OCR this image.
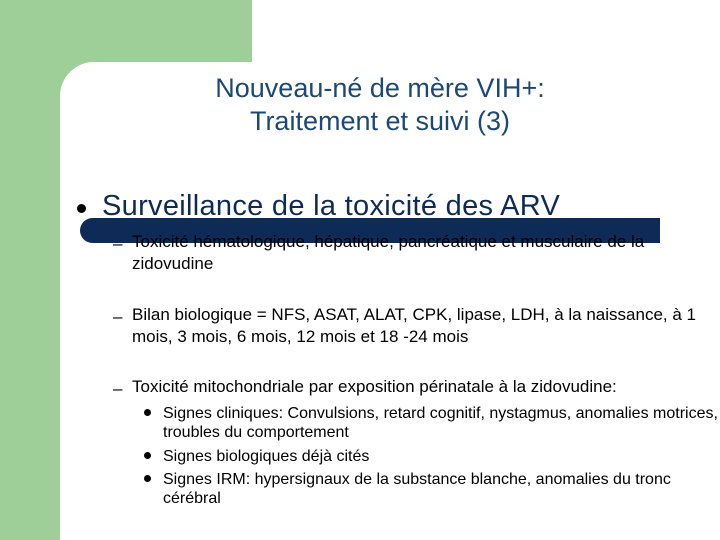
Nouveau-né de mère VIH+:
Traitement et suivi (3)
Surveillance de la toxicité des ARV
– Toxicité hématologique, hépatique, pancréatique et musculaire de la zidovudine
– Bilan biologique = NFS, ASAT, ALAT, CPK, lipase, LDH, à la naissance, à 1 mois, 3 mois, 6 mois, 12 mois et 18 -24 mois
– Toxicité mitochondriale par exposition périnatale à la zidovudine:
Signes cliniques: Convulsions, retard cognitif, nystagmus, anomalies motrices, troubles du comportement
Signes biologiques déjà cités
Signes IRM: hypersignaux de la substance blanche, anomalies du tronc cérébral
